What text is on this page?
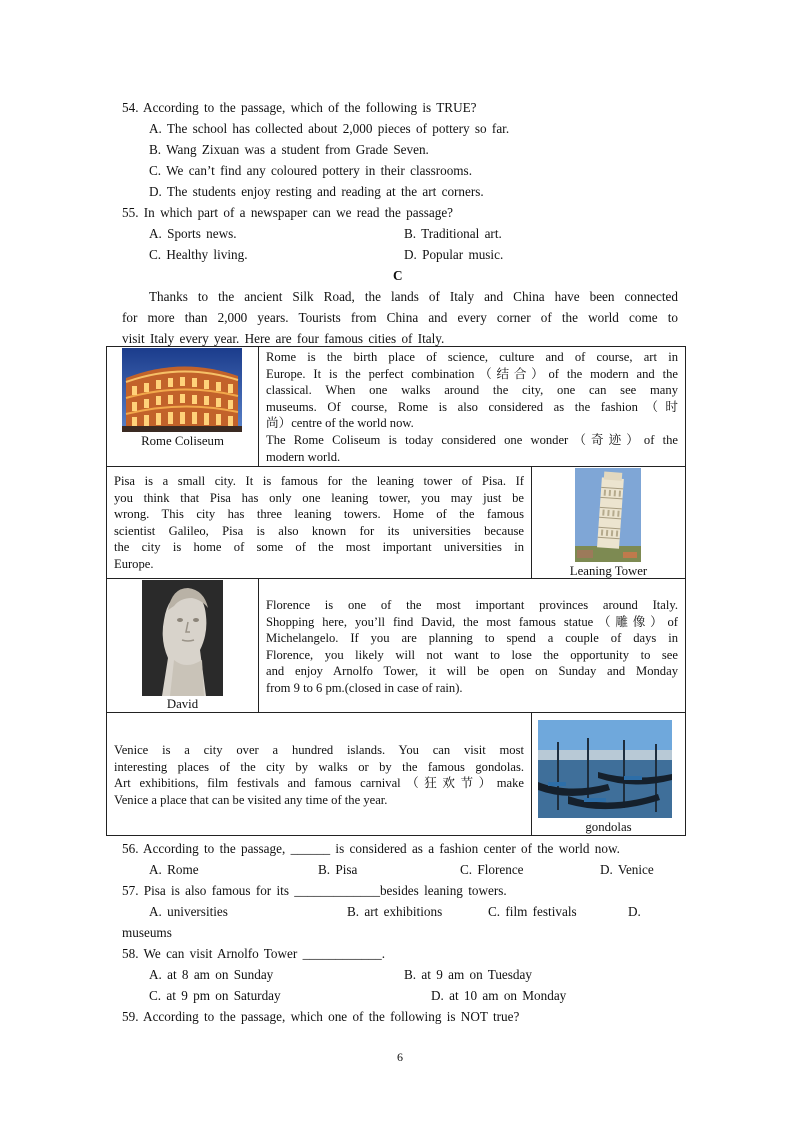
54. According to the passage, which of the following is TRUE?
A. The school has collected about 2,000 pieces of pottery so far.
B. Wang Zixuan was a student from Grade Seven.
C. We can’t find any coloured pottery in their classrooms.
D. The students enjoy resting and reading at the art corners.
55. In which part of a newspaper can we read the passage?
A. Sports news.	B. Traditional art.
C. Healthy living.	D. Popular music.
C
Thanks to the ancient Silk Road, the lands of Italy and China have been connected
for more than 2,000 years. Tourists from China and every corner of the world come to
visit Italy every year. Here are four famous cities of Italy.
Rome Coliseum
Rome is the birth place of science, culture and of course, art in
Europe. It is the perfect combination（结合）of the modern and the
classical. When one walks around the city, one can see many
museums. Of course, Rome is also considered as the fashion（时
尚）centre of the world now.
The Rome Coliseum is today considered one wonder（奇迹）of the
modern world.
Pisa is a small city. It is famous for the leaning tower of Pisa. If
you think that Pisa has only one leaning tower, you may just be
wrong. This city has three leaning towers. Home of the famous
scientist Galileo, Pisa is also known for its universities because
the city is home of some of the most important universities in
Europe.
Leaning Tower
David
Florence is one of the most important provinces around Italy.
Shopping here, you’ll find David, the most famous statue（雕像）of
Michelangelo. If you are planning to spend a couple of days in
Florence, you likely will not want to lose the opportunity to see
and enjoy Arnolfo Tower, it will be open on Sunday and Monday
from 9 to 6 pm.(closed in case of rain).
Venice is a city over a hundred islands. You can visit most
interesting places of the city by walks or by the famous gondolas.
Art exhibitions, film festivals and famous carnival（狂欢节）make
Venice a place that can be visited any time of the year.
gondolas
56. According to the passage, ______ is considered as a fashion center of the world now.
A. Rome	B. Pisa	C. Florence	D. Venice
57. Pisa is also famous for its _____________besides leaning towers.
A. universities	B. art exhibitions	C. film festivals	D.
museums
58. We can visit Arnolfo Tower ____________.
A. at 8 am on Sunday	B. at 9 am on Tuesday
C. at 9 pm on Saturday	D. at 10 am on Monday
59. According to the passage, which one of the following is NOT true?
6
